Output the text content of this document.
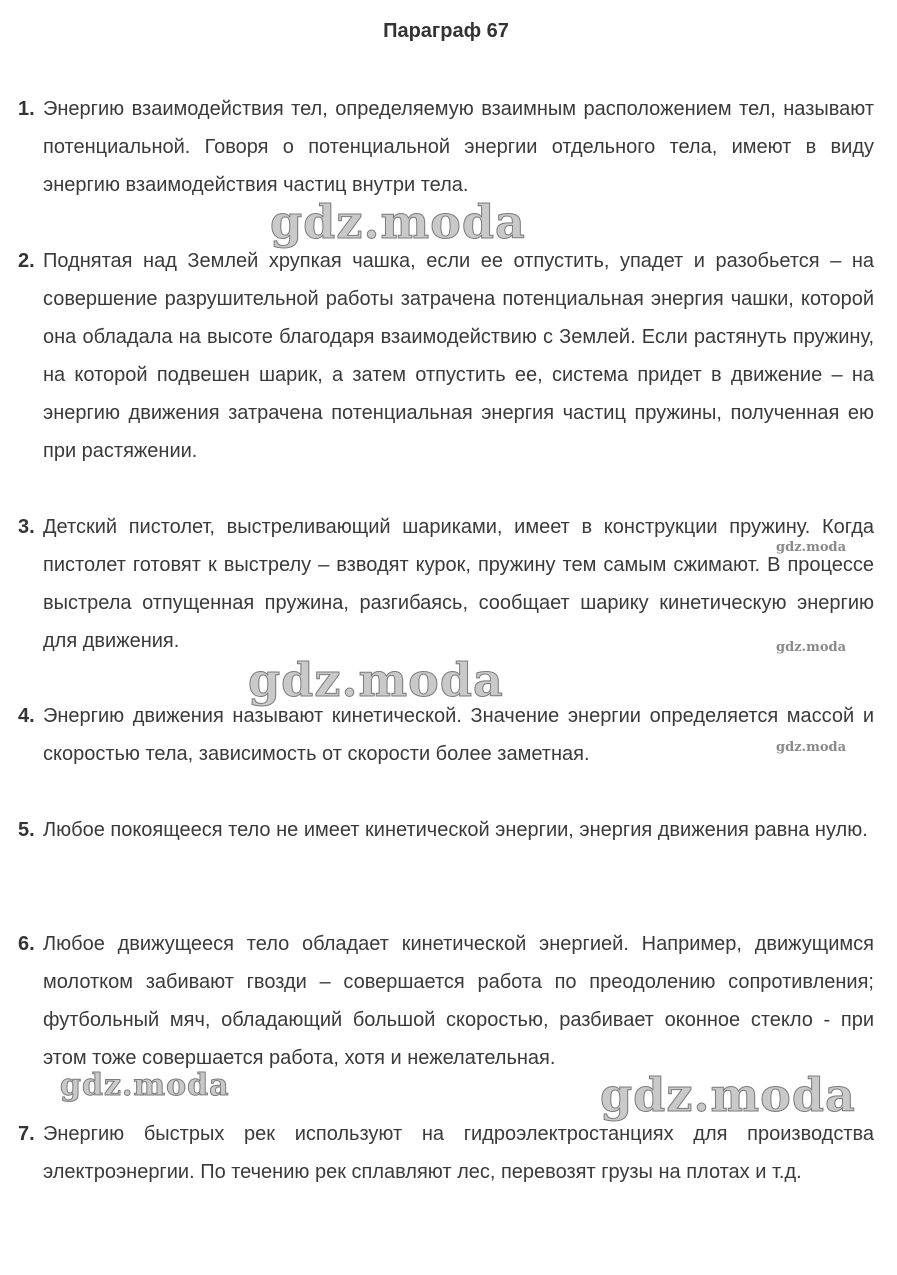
Параграф 67
1. Энергию взаимодействия тел, определяемую взаимным расположением тел, называют потенциальной. Говоря о потенциальной энергии отдельного тела, имеют в виду энергию взаимодействия частиц внутри тела.
2. Поднятая над Землей хрупкая чашка, если ее отпустить, упадет и разобьется – на совершение разрушительной работы затрачена потенциальная энергия чашки, которой она обладала на высоте благодаря взаимодействию с Землей. Если растянуть пружину, на которой подвешен шарик, а затем отпустить ее, система придет в движение – на энергию движения затрачена потенциальная энергия частиц пружины, полученная ею при растяжении.
3. Детский пистолет, выстреливающий шариками, имеет в конструкции пружину. Когда пистолет готовят к выстрелу – взводят курок, пружину тем самым сжимают. В процессе выстрела отпущенная пружина, разгибаясь, сообщает шарику кинетическую энергию для движения.
4. Энергию движения называют кинетической. Значение энергии определяется массой и скоростью тела, зависимость от скорости более заметная.
5. Любое покоящееся тело не имеет кинетической энергии, энергия движения равна нулю.
6. Любое движущееся тело обладает кинетической энергией. Например, движущимся молотком забивают гвозди – совершается работа по преодолению сопротивления; футбольный мяч, обладающий большой скоростью, разбивает оконное стекло - при этом тоже совершается работа, хотя и нежелательная.
7. Энергию быстрых рек используют на гидроэлектростанциях для производства электроэнергии. По течению рек сплавляют лес, перевозят грузы на плотах и т.д.
gdz.moda
gdz.moda
gdz.moda
gdz.moda
gdz.moda
gdz.moda
gdz.moda
